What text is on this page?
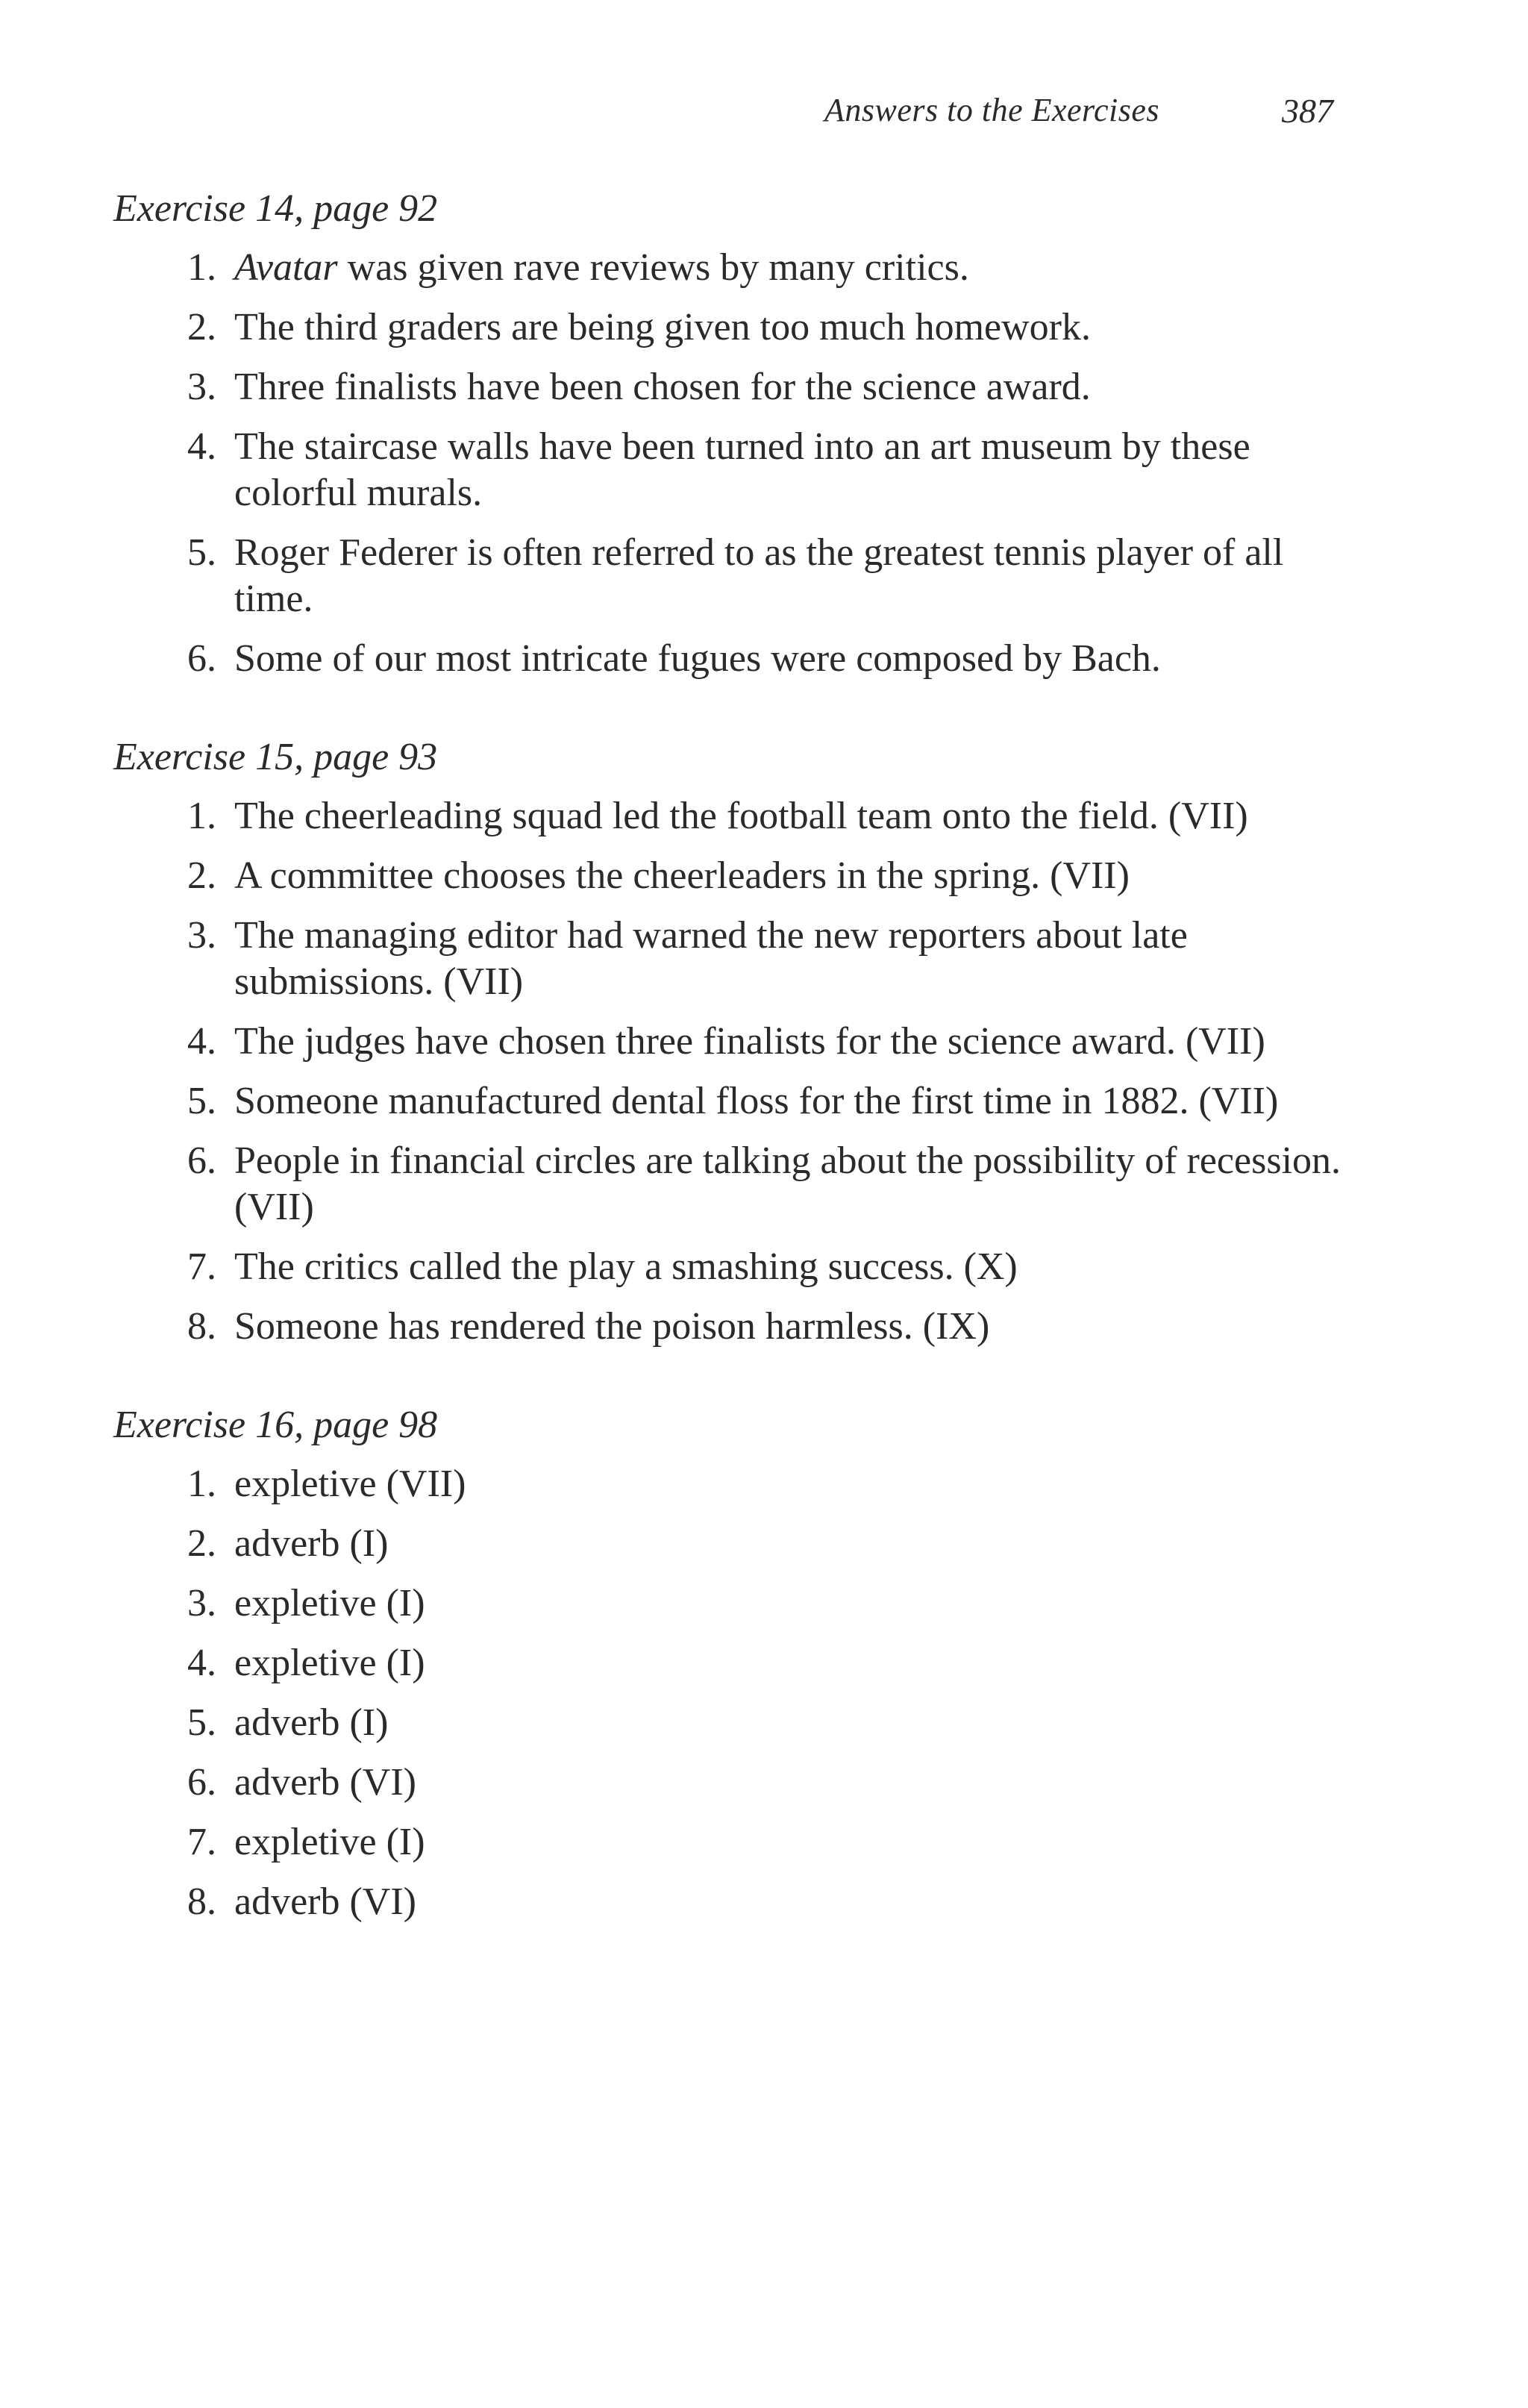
Answers to the Exercises	387
Exercise 14, page 92
1. Avatar was given rave reviews by many critics.
2. The third graders are being given too much homework.
3. Three finalists have been chosen for the science award.
4. The staircase walls have been turned into an art museum by these colorful murals.
5. Roger Federer is often referred to as the greatest tennis player of all time.
6. Some of our most intricate fugues were composed by Bach.
Exercise 15, page 93
1. The cheerleading squad led the football team onto the field. (VII)
2. A committee chooses the cheerleaders in the spring. (VII)
3. The managing editor had warned the new reporters about late submissions. (VII)
4. The judges have chosen three finalists for the science award. (VII)
5. Someone manufactured dental floss for the first time in 1882. (VII)
6. People in financial circles are talking about the possibility of recession. (VII)
7. The critics called the play a smashing success. (X)
8. Someone has rendered the poison harmless. (IX)
Exercise 16, page 98
1. expletive (VII)
2. adverb (I)
3. expletive (I)
4. expletive (I)
5. adverb (I)
6. adverb (VI)
7. expletive (I)
8. adverb (VI)
